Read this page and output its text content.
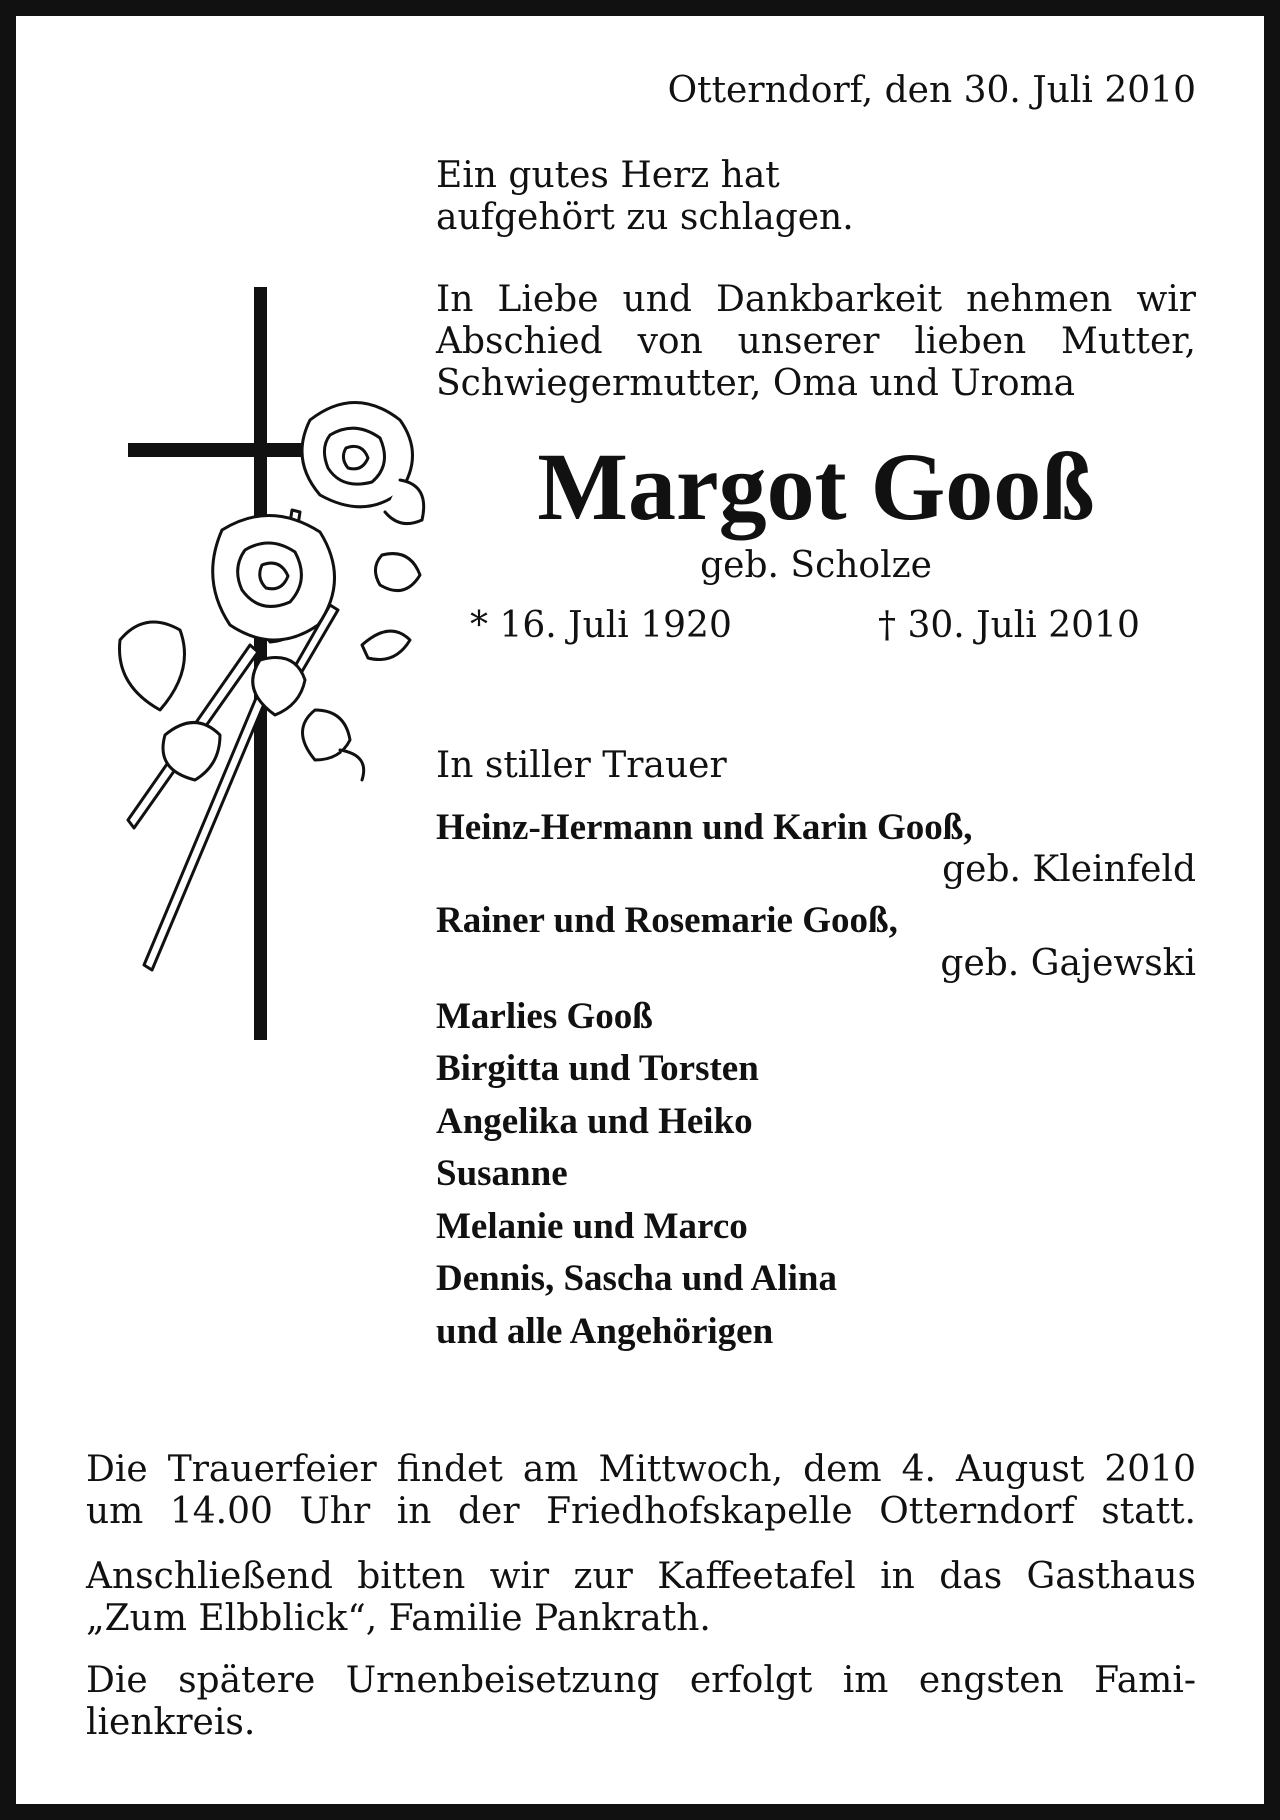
Otterndorf, den 30. Juli 2010

Ein gutes Herz hat

aufgehört zu schlagen.

In Liebe und Dankbarkeit nehmen wir

Abschied von unserer lieben Mutter,

Schwiegermutter, Oma und Uroma

Margot Gooß

geb. Scholze

* 16. Juli 1920	† 30. Juli 2010

In stiller Trauer

Heinz-Hermann und Karin Gooß,

geb. Kleinfeld

Rainer und Rosemarie Gooß,

geb. Gajewski

Marlies Gooß

Birgitta und Torsten

Angelika und Heiko

Susanne

Melanie und Marco

Dennis, Sascha und Alina

und alle Angehörigen

Die Trauerfeier findet am Mittwoch, dem 4. August 2010

um 14.00 Uhr in der Friedhofskapelle Otterndorf statt.

Anschließend bitten wir zur Kaffeetafel in das Gasthaus

„Zum Elbblick“, Familie Pankrath.

Die spätere Urnenbeisetzung erfolgt im engsten Fami-

lienkreis.
